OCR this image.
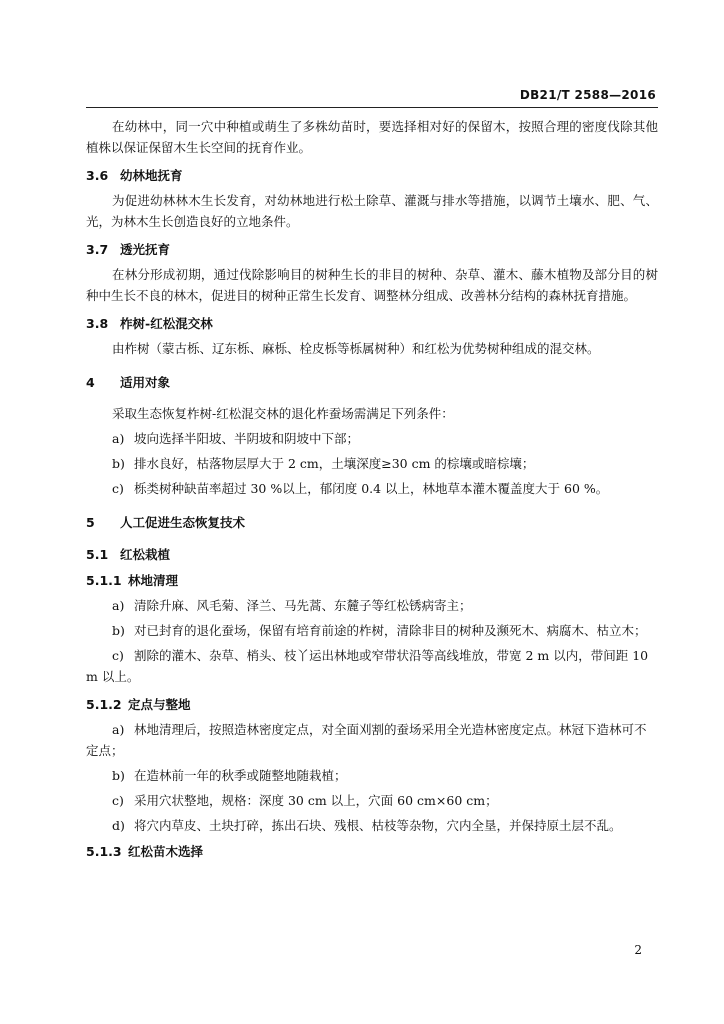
DB21/T 2588—2016

在幼林中，同一穴中种植或萌生了多株幼苗时，要选择相对好的保留木，按照合理的密度伐除其他植株以保证保留木生长空间的抚育作业。

3.6 幼林地抚育

为促进幼林林木生长发育，对幼林地进行松土除草、灌溉与排水等措施，以调节土壤水、肥、气、光，为林木生长创造良好的立地条件。

3.7 透光抚育

在林分形成初期，通过伐除影响目的树种生长的非目的树种、杂草、灌木、藤木植物及部分目的树种中生长不良的林木，促进目的树种正常生长发育、调整林分组成、改善林分结构的森林抚育措施。

3.8 柞树-红松混交林

由柞树（蒙古栎、辽东栎、麻栎、栓皮栎等栎属树种）和红松为优势树种组成的混交林。

4 适用对象

采取生态恢复柞树-红松混交林的退化柞蚕场需满足下列条件：

a) 坡向选择半阳坡、半阴坡和阴坡中下部；
b) 排水良好，枯落物层厚大于 2 cm，土壤深度≥30 cm 的棕壤或暗棕壤；
c) 栎类树种缺苗率超过 30 %以上，郁闭度 0.4 以上，林地草本灌木覆盖度大于 60 %。
5 人工促进生态恢复技术
5.1 红松栽植
5.1.1 林地清理
a) 清除升麻、风毛菊、泽兰、马先蒿、东麓子等红松锈病寄主；
b) 对已封育的退化蚕场，保留有培育前途的柞树，清除非目的树种及濒死木、病腐木、枯立木；
c) 割除的灌木、杂草、梢头、枝丫运出林地或窄带状沿等高线堆放，带宽 2 m 以内，带间距 10 m 以上。
5.1.2 定点与整地
a) 林地清理后，按照造林密度定点，对全面刈割的蚕场采用全光造林密度定点。林冠下造林可不定点；
b) 在造林前一年的秋季或随整地随栽植；
c) 采用穴状整地，规格：深度 30 cm 以上，穴面 60 cm×60 cm；
d) 将穴内草皮、土块打碎，拣出石块、残根、枯枝等杂物，穴内全垦，并保持原土层不乱。
5.1.3 红松苗木选择
2
